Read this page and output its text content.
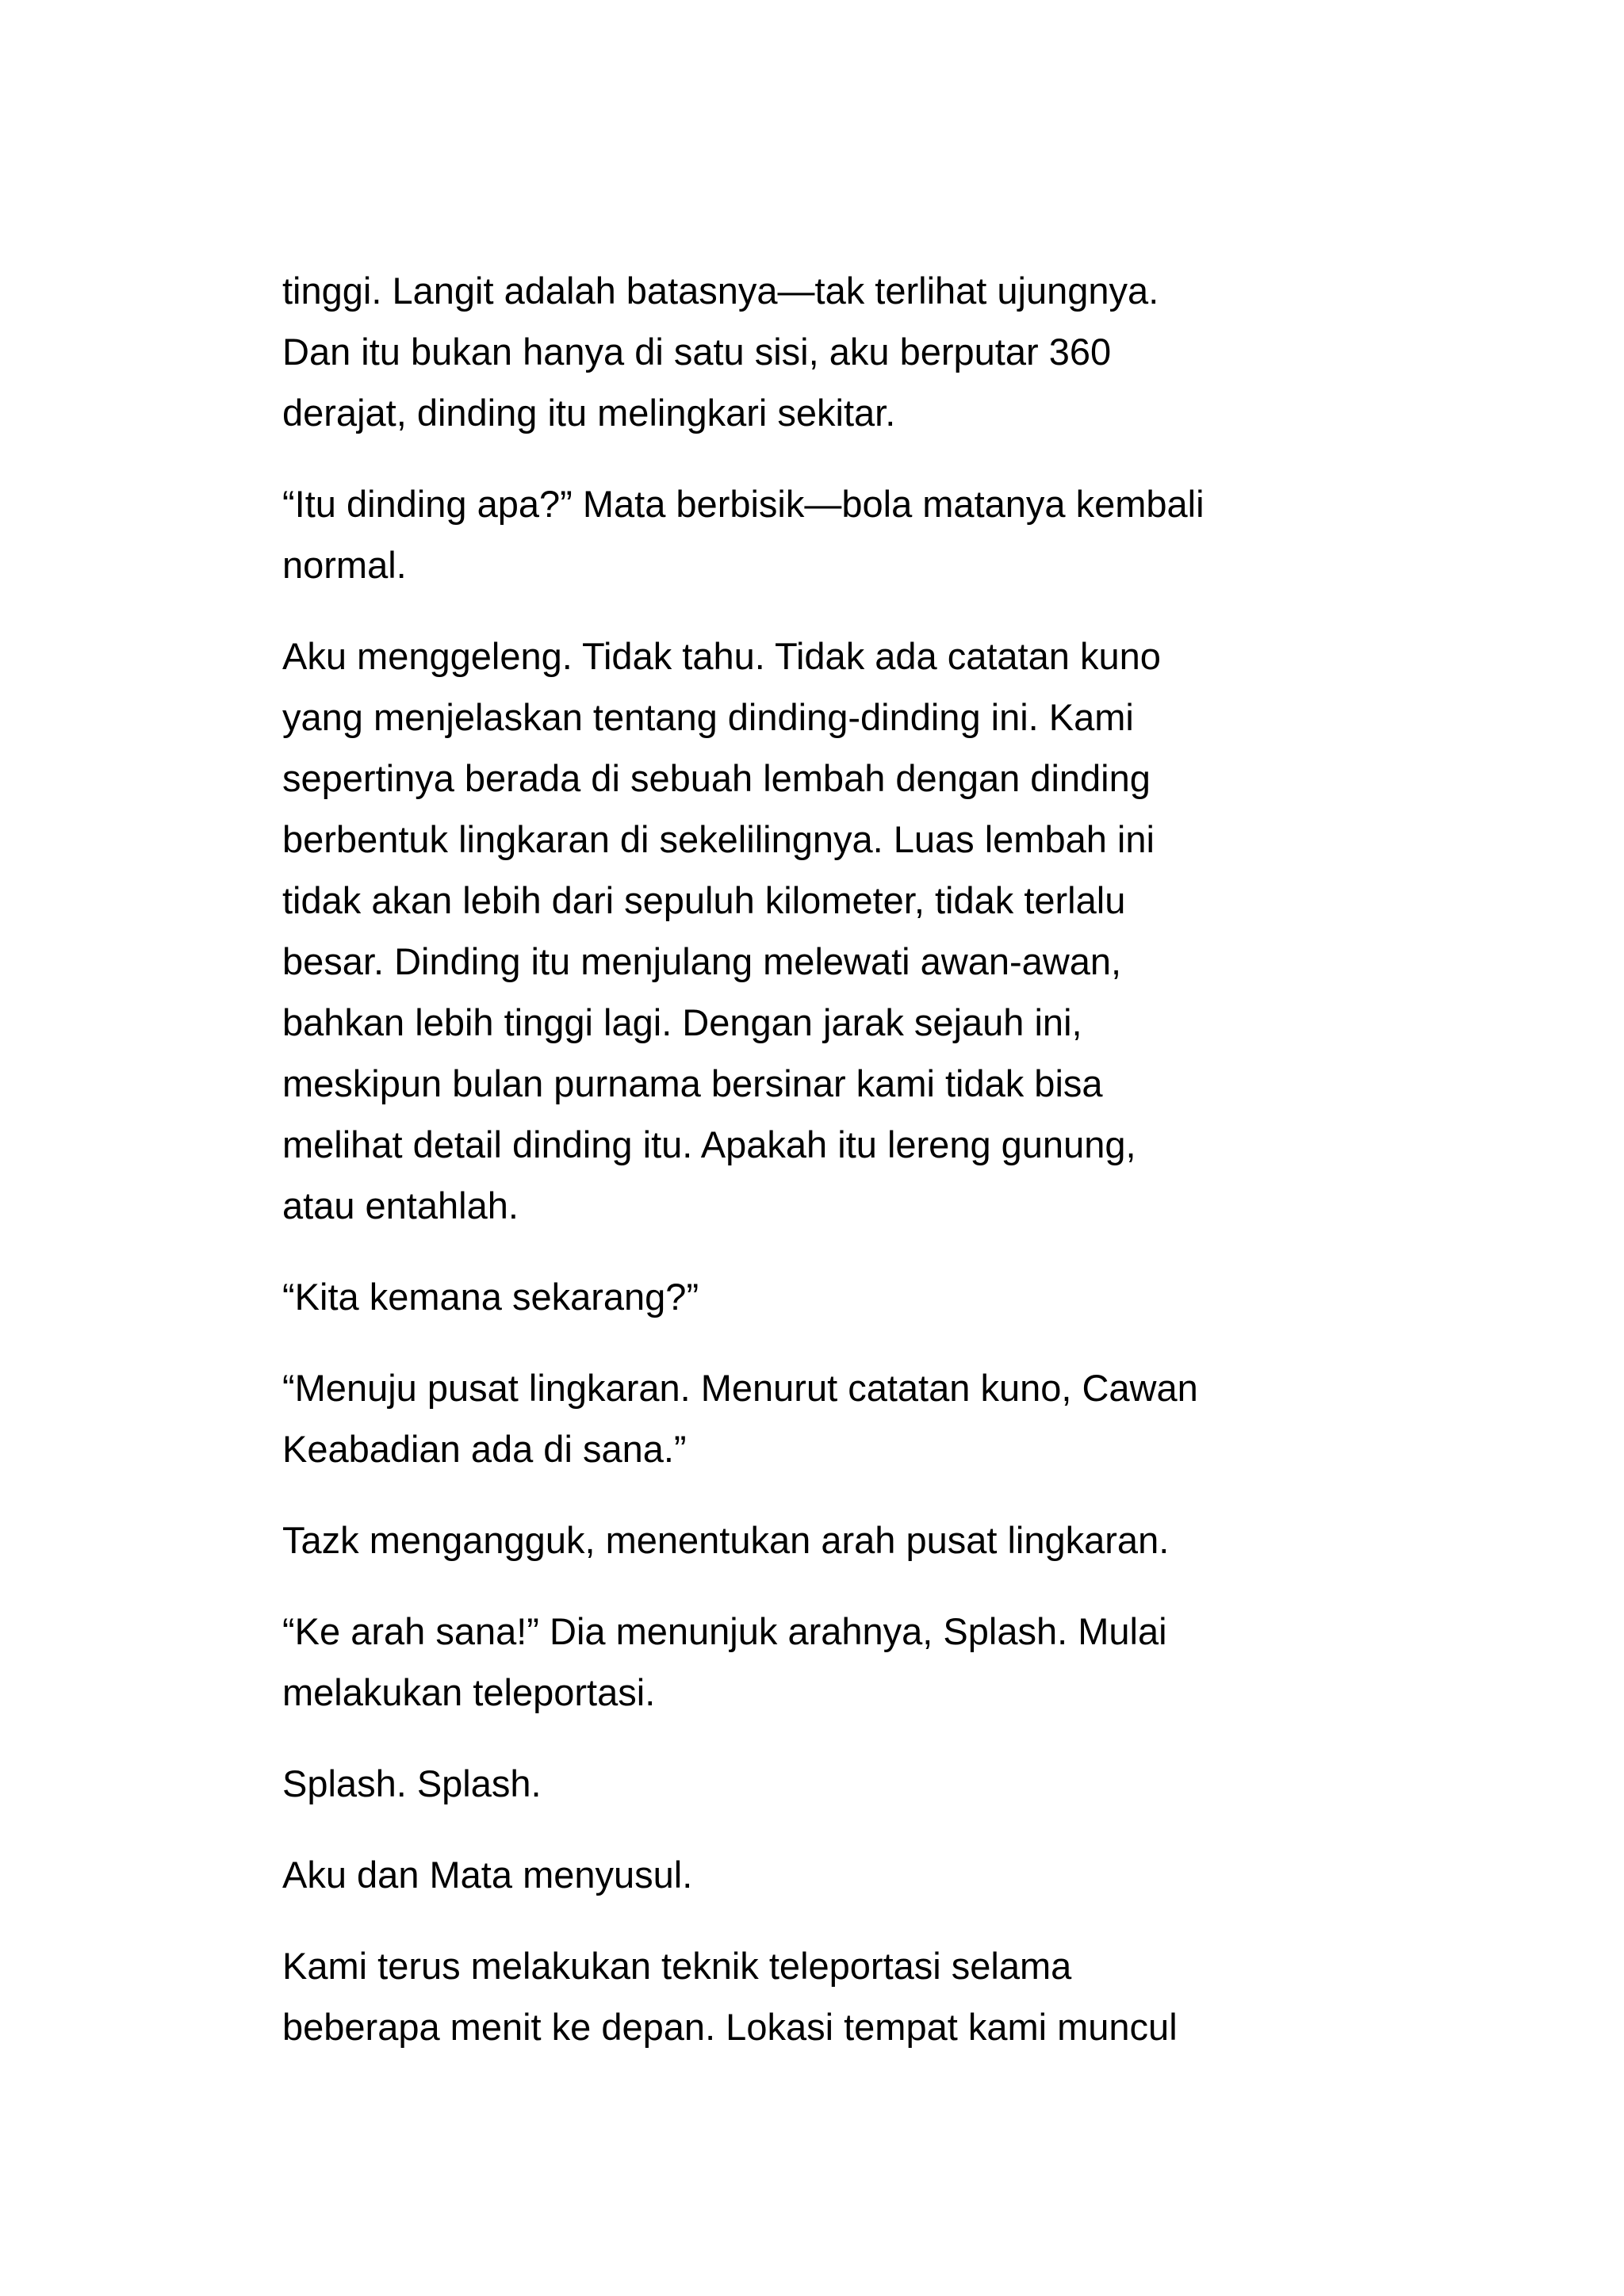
tinggi. Langit adalah batasnya—tak terlihat ujungnya.
Dan itu bukan hanya di satu sisi, aku berputar 360
derajat, dinding itu melingkari sekitar.
“Itu dinding apa?” Mata berbisik—bola matanya kembali
normal.
Aku menggeleng. Tidak tahu. Tidak ada catatan kuno
yang menjelaskan tentang dinding-dinding ini. Kami
sepertinya berada di sebuah lembah dengan dinding
berbentuk lingkaran di sekelilingnya. Luas lembah ini
tidak akan lebih dari sepuluh kilometer, tidak terlalu
besar. Dinding itu menjulang melewati awan-awan,
bahkan lebih tinggi lagi. Dengan jarak sejauh ini,
meskipun bulan purnama bersinar kami tidak bisa
melihat detail dinding itu. Apakah itu lereng gunung,
atau entahlah.
“Kita kemana sekarang?”
“Menuju pusat lingkaran. Menurut catatan kuno, Cawan
Keabadian ada di sana.”
Tazk mengangguk, menentukan arah pusat lingkaran.
“Ke arah sana!” Dia menunjuk arahnya, Splash. Mulai
melakukan teleportasi.
Splash. Splash.
Aku dan Mata menyusul.
Kami terus melakukan teknik teleportasi selama
beberapa menit ke depan. Lokasi tempat kami muncul
